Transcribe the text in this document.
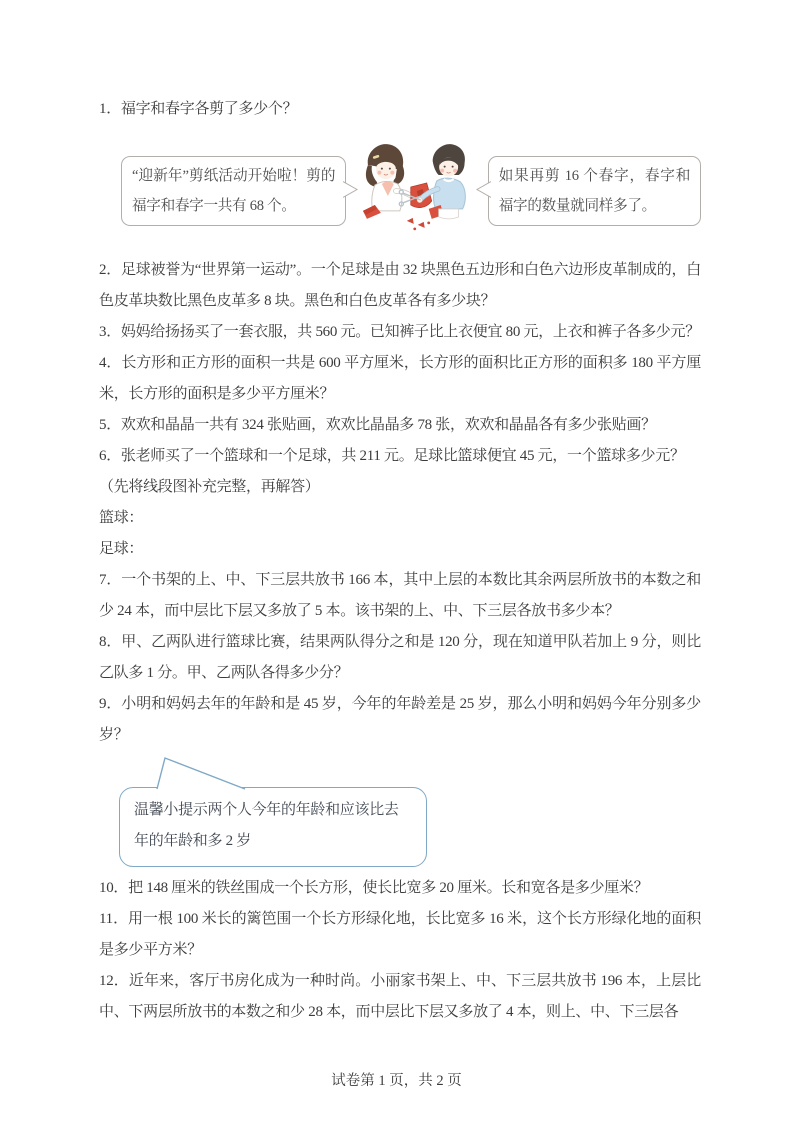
1．福字和春字各剪了多少个？

“迎新年”剪纸活动开始啦！剪的福字和春字一共有 68 个。
如果再剪 16 个春字，春字和福字的数量就同样多了。

2．足球被誉为“世界第一运动”。一个足球是由 32 块黑色五边形和白色六边形皮革制成的，白色皮革块数比黑色皮革多 8 块。黑色和白色皮革各有多少块？

3．妈妈给扬扬买了一套衣服，共 560 元。已知裤子比上衣便宜 80 元，上衣和裤子各多少元？

4．长方形和正方形的面积一共是 600 平方厘米，长方形的面积比正方形的面积多 180 平方厘米，长方形的面积是多少平方厘米？

5．欢欢和晶晶一共有 324 张贴画，欢欢比晶晶多 78 张，欢欢和晶晶各有多少张贴画？

6．张老师买了一个篮球和一个足球，共 211 元。足球比篮球便宜 45 元，一个篮球多少元？

（先将线段图补充完整，再解答）

篮球：

足球：

7．一个书架的上、中、下三层共放书 166 本，其中上层的本数比其余两层所放书的本数之和少 24 本，而中层比下层又多放了 5 本。该书架的上、中、下三层各放书多少本？

8．甲、乙两队进行篮球比赛，结果两队得分之和是 120 分，现在知道甲队若加上 9 分，则比乙队多 1 分。甲、乙两队各得多少分？

9．小明和妈妈去年的年龄和是 45 岁，今年的年龄差是 25 岁，那么小明和妈妈今年分别多少岁？

温馨小提示两个人今年的年龄和应该比去年的年龄和多 2 岁

10．把 148 厘米的铁丝围成一个长方形，使长比宽多 20 厘米。长和宽各是多少厘米？

11．用一根 100 米长的篱笆围一个长方形绿化地，长比宽多 16 米，这个长方形绿化地的面积是多少平方米？

12．近年来，客厅书房化成为一种时尚。小丽家书架上、中、下三层共放书 196 本，上层比中、下两层所放书的本数之和少 28 本，而中层比下层又多放了 4 本，则上、中、下三层各

试卷第 1 页，共 2 页
